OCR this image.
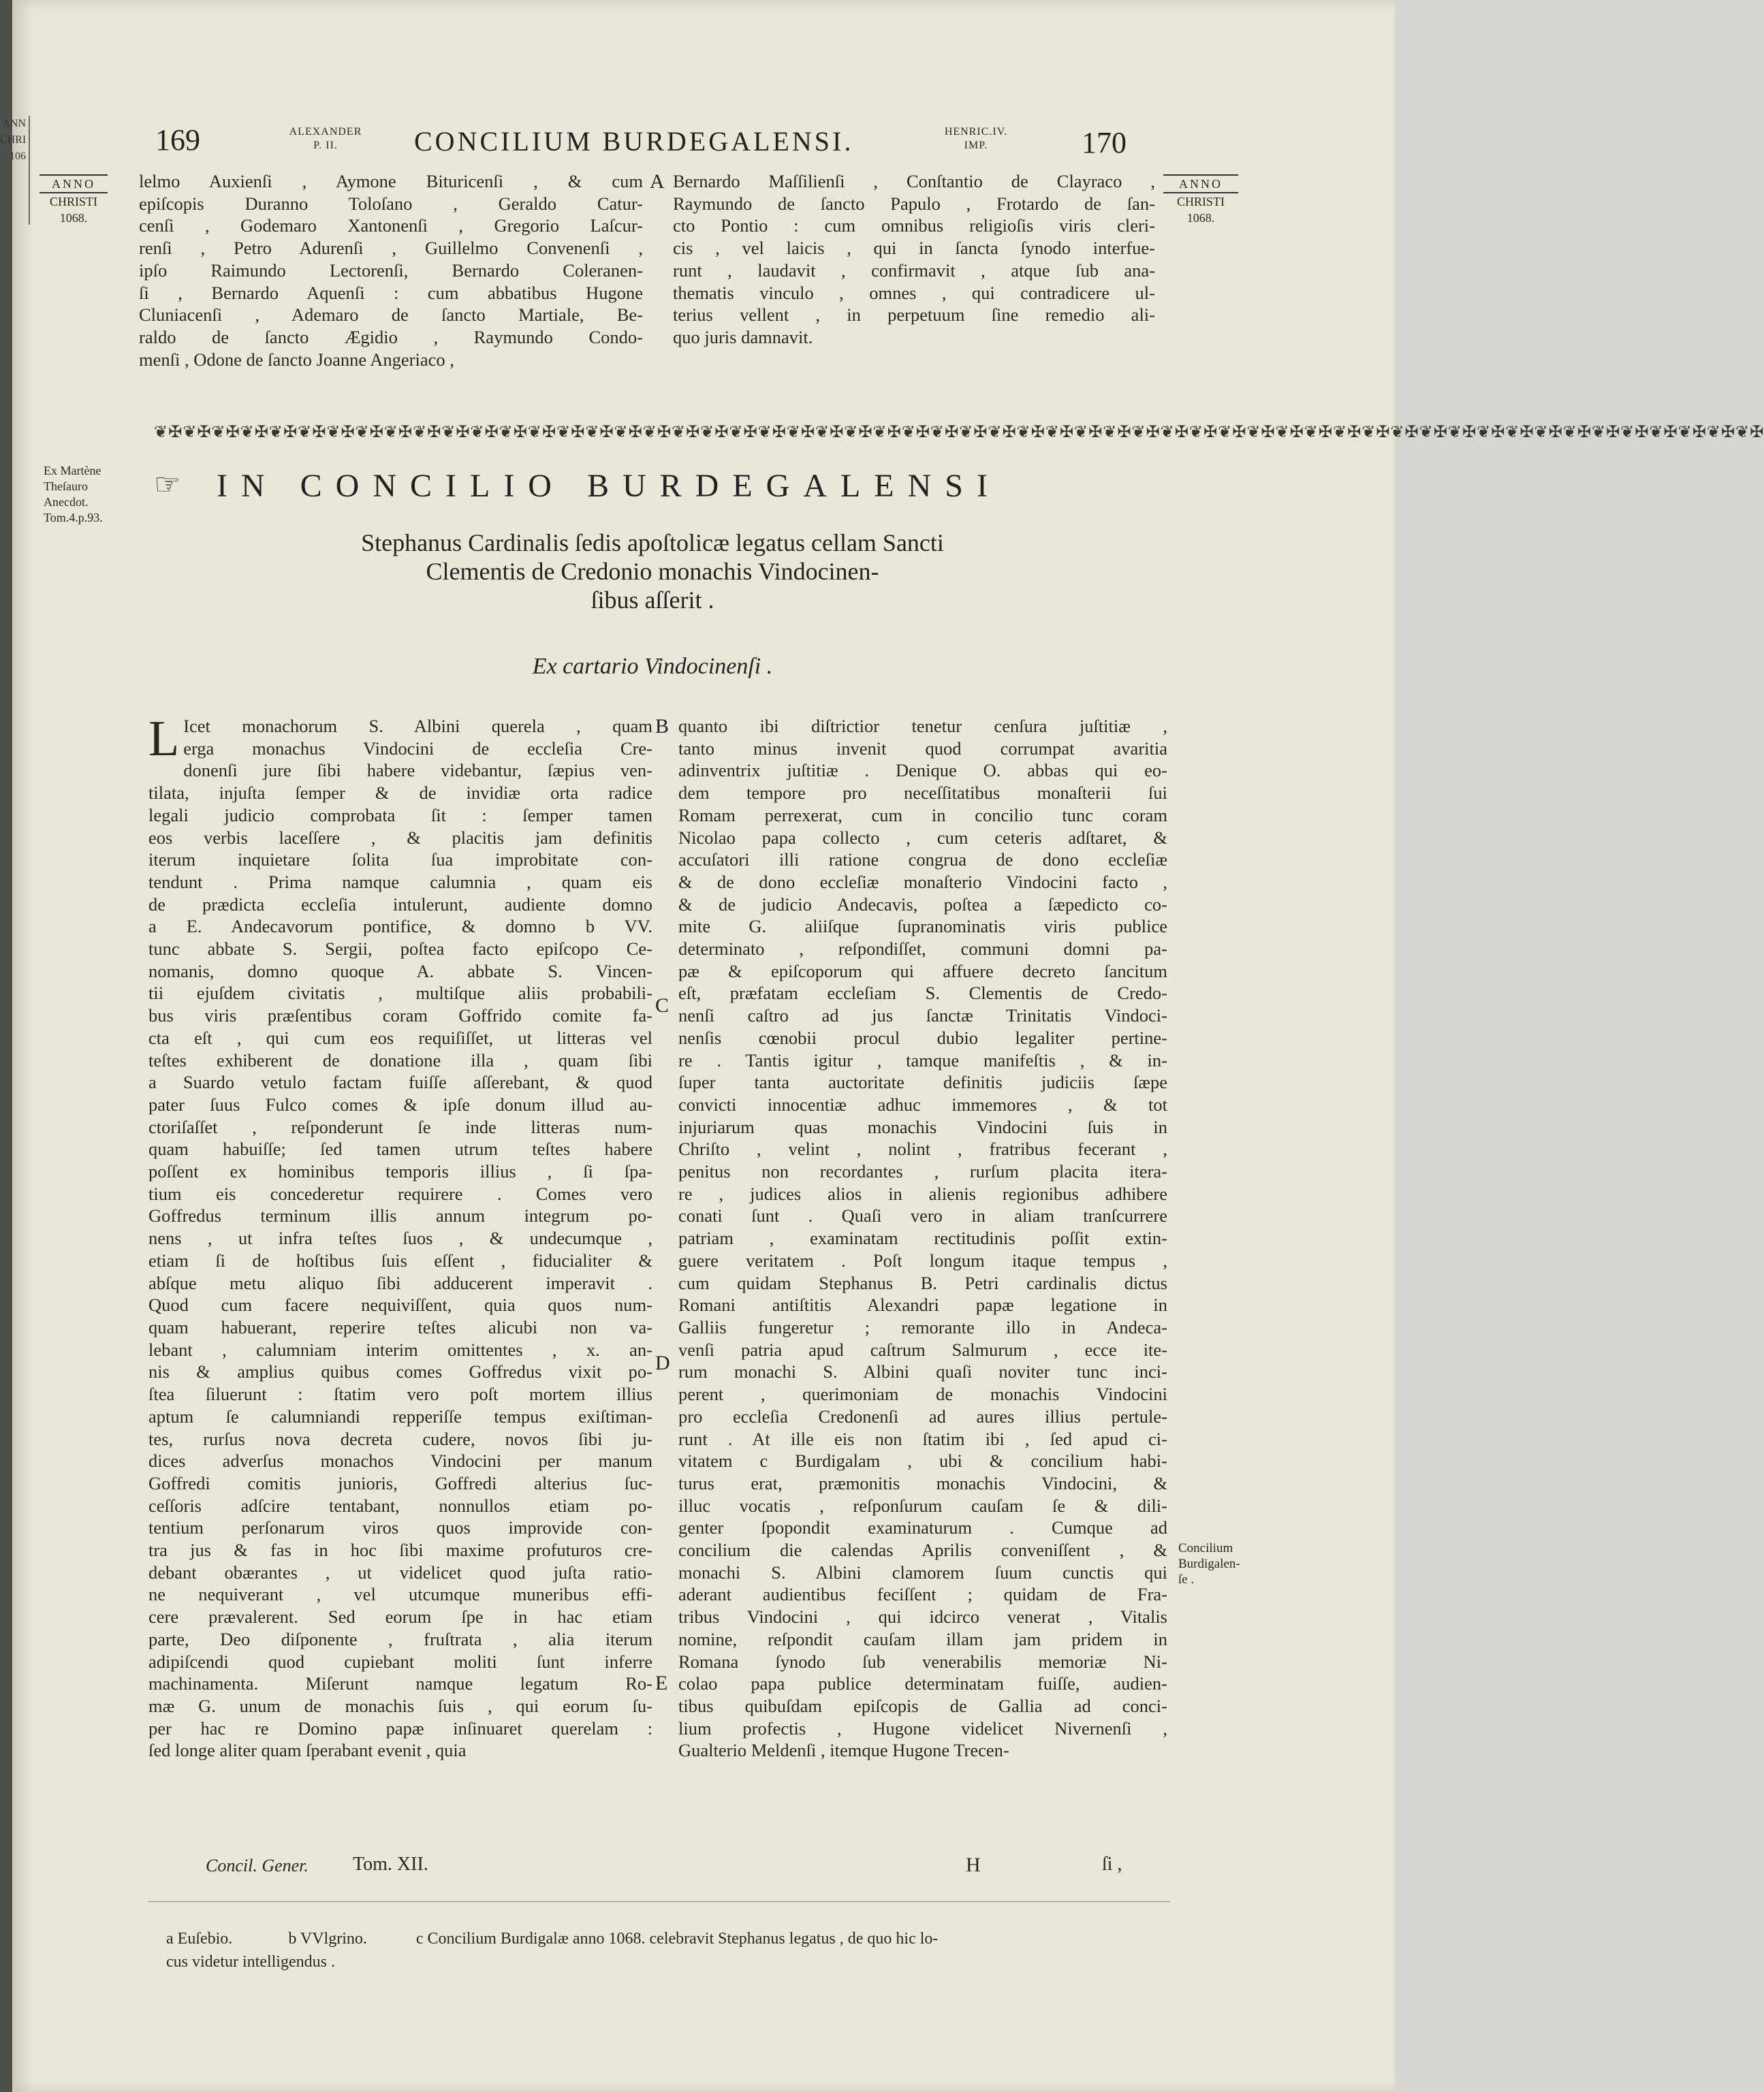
ANN
CHRI
106	169	ALEXANDER
P. II.	CONCILIUM BURDEGALENSI.	HENRIC.IV.
IMP.	170
ANNO
CHRISTI
1068.
ANNO
CHRISTI
1068.
lelmo Auxienſi , Aymone Bituricenſi , & cum
epiſcopis Duranno Toloſano , Geraldo Catur-
cenſi , Godemaro Xantonenſi , Gregorio Laſcur-
renſi , Petro Adurenſi , Guillelmo Convenenſi ,
ipſo Raimundo Lectorenſi, Bernardo Coleranen-
ſi , Bernardo Aquenſi : cum abbatibus Hugone
Cluniacenſi , Ademaro de ſancto Martiale, Be-
raldo de ſancto Ægidio , Raymundo Condo-
menſi , Odone de ſancto Joanne Angeriaco ,
A Bernardo Maſſilienſi , Conſtantio de Clayraco ,
Raymundo de ſancto Papulo , Frotardo de ſan-
cto Pontio : cum omnibus religioſis viris cleri-
cis , vel laicis , qui in ſancta ſynodo interfue-
runt , laudavit , confirmavit , atque ſub ana-
thematis vinculo , omnes , qui contradicere ul-
terius vellent , in perpetuum ſine remedio ali-
quo juris damnavit.
❦✠❦✠❦✠❦✠❦✠❦✠❦✠❦✠❦✠❦✠❦✠❦✠❦✠❦✠❦✠❦✠❦✠❦✠❦✠❦✠❦✠❦✠❦✠❦✠❦✠❦✠❦✠❦✠❦✠❦✠❦✠❦✠❦✠❦✠❦✠❦✠❦✠❦✠❦✠❦✠❦✠❦✠❦✠❦✠❦✠❦✠❦✠❦✠❦✠❦✠❦✠❦✠❦✠❦✠❦✠❦✠
Ex Martène
Theſauro
Anecdot.
Tom.4.p.93.
☞ IN CONCILIO BURDEGALENSI
Stephanus Cardinalis ſedis apoſtolicæ legatus cellam Sancti
Clementis de Credonio monachis Vindocinen-
ſibus aſſerit .
Ex cartario Vindocinenſi .
L Icet monachorum S. Albini querela , quam
erga monachus Vindocini de eccleſia Cre-
donenſi jure ſibi habere videbantur, ſæpius ven-
tilata, injuſta ſemper & de invidiæ orta radice
legali judicio comprobata ſit : ſemper tamen
eos verbis laceſſere , & placitis jam definitis
iterum inquietare ſolita ſua improbitate con-
tendunt . Prima namque calumnia , quam eis
de prædicta eccleſia intulerunt, audiente domno
a E. Andecavorum pontifice, & domno b VV.
tunc abbate S. Sergii, poſtea facto epiſcopo Ce-
nomanis, domno quoque A. abbate S. Vincen-
tii ejuſdem civitatis , multiſque aliis probabili-
bus viris præſentibus coram Goffrido comite fa-
cta eſt , qui cum eos requiſiſſet, ut litteras vel
teſtes exhiberent de donatione illa , quam ſibi
a Suardo vetulo factam fuiſſe aſſerebant, & quod
pater ſuus Fulco comes & ipſe donum illud au-
ctoriſaſſet , reſponderunt ſe inde litteras num-
quam habuiſſe; ſed tamen utrum teſtes habere
poſſent ex hominibus temporis illius , ſi ſpa-
tium eis concederetur requirere . Comes vero
Goffredus terminum illis annum integrum po-
nens , ut infra teſtes ſuos , & undecumque ,
etiam ſi de hoſtibus ſuis eſſent , fiducialiter &
abſque metu aliquo ſibi adducerent imperavit .
Quod cum facere nequiviſſent, quia quos num-
quam habuerant, reperire teſtes alicubi non va-
lebant , calumniam interim omittentes , x. an-
nis & amplius quibus comes Goffredus vixit po-
ſtea ſiluerunt : ſtatim vero poſt mortem illius
aptum ſe calumniandi repperiſſe tempus exiſtiman-
tes, rurſus nova decreta cudere, novos ſibi ju-
dices adverſus monachos Vindocini per manum
Goffredi comitis junioris, Goffredi alterius ſuc-
ceſſoris adſcire tentabant, nonnullos etiam po-
tentium perſonarum viros quos improvide con-
tra jus & fas in hoc ſibi maxime profuturos cre-
debant obærantes , ut videlicet quod juſta ratio-
ne nequiverant , vel utcumque muneribus effi-
cere prævalerent. Sed eorum ſpe in hac etiam
parte, Deo diſponente , fruſtrata , alia iterum
adipiſcendi quod cupiebant moliti ſunt inferre
machinamenta. Miſerunt namque legatum Ro-
mæ G. unum de monachis ſuis , qui eorum ſu-
per hac re Domino papæ inſinuaret querelam :
ſed longe aliter quam ſperabant evenit , quia
B
C
D
E
quanto ibi diſtrictior tenetur cenſura juſtitiæ ,
tanto minus invenit quod corrumpat avaritia
adinventrix juſtitiæ . Denique O. abbas qui eo-
dem tempore pro neceſſitatibus monaſterii ſui
Romam perrexerat, cum in concilio tunc coram
Nicolao papa collecto , cum ceteris adſtaret, &
accuſatori illi ratione congrua de dono eccleſiæ
& de dono eccleſiæ monaſterio Vindocini facto ,
& de judicio Andecavis, poſtea a ſæpedicto co-
mite G. aliiſque ſupranominatis viris publice
determinato , reſpondiſſet, communi domni pa-
pæ & epiſcoporum qui affuere decreto ſancitum
eſt, præfatam eccleſiam S. Clementis de Credo-
nenſi caſtro ad jus ſanctæ Trinitatis Vindoci-
nenſis cœnobii procul dubio legaliter pertine-
re . Tantis igitur , tamque manifeſtis , & in-
ſuper tanta auctoritate definitis judiciis ſæpe
convicti innocentiæ adhuc immemores , & tot
injuriarum quas monachis Vindocini ſuis in
Chriſto , velint , nolint , fratribus fecerant ,
penitus non recordantes , rurſum placita itera-
re , judices alios in alienis regionibus adhibere
conati ſunt . Quaſi vero in aliam tranſcurrere
patriam , examinatam rectitudinis poſſit extin-
guere veritatem . Poſt longum itaque tempus ,
cum quidam Stephanus B. Petri cardinalis dictus
Romani antiſtitis Alexandri papæ legatione in
Galliis fungeretur ; remorante illo in Andeca-
venſi patria apud caſtrum Salmurum , ecce ite-
rum monachi S. Albini quaſi noviter tunc inci-
perent , querimoniam de monachis Vindocini
pro eccleſia Credonenſi ad aures illius pertule-
runt . At ille eis non ſtatim ibi , ſed apud ci-
vitatem c Burdigalam , ubi & concilium habi-
turus erat, præmonitis monachis Vindocini, &
illuc vocatis , reſponſurum cauſam ſe & dili-
genter ſpopondit examinaturum . Cumque ad
concilium die calendas Aprilis conveniſſent , &
monachi S. Albini clamorem ſuum cunctis qui
aderant audientibus feciſſent ; quidam de Fra-
tribus Vindocini , qui idcirco venerat , Vitalis
nomine, reſpondit cauſam illam jam pridem in
Romana ſynodo ſub venerabilis memoriæ Ni-
colao papa publice determinatam fuiſſe, audien-
tibus quibuſdam epiſcopis de Gallia ad conci-
lium profectis , Hugone videlicet Nivernenſi ,
Gualterio Meldenſi , itemque Hugone Trecen-
Concilium
Burdigalen-
ſe .
Concil. Gener. Tom. XII.	H	ſi ,
a Euſebio.	b VVlgrino.	c Concilium Burdigalæ anno 1068. celebravit Stephanus legatus , de quo hic lo-
cus videtur intelligendus .
